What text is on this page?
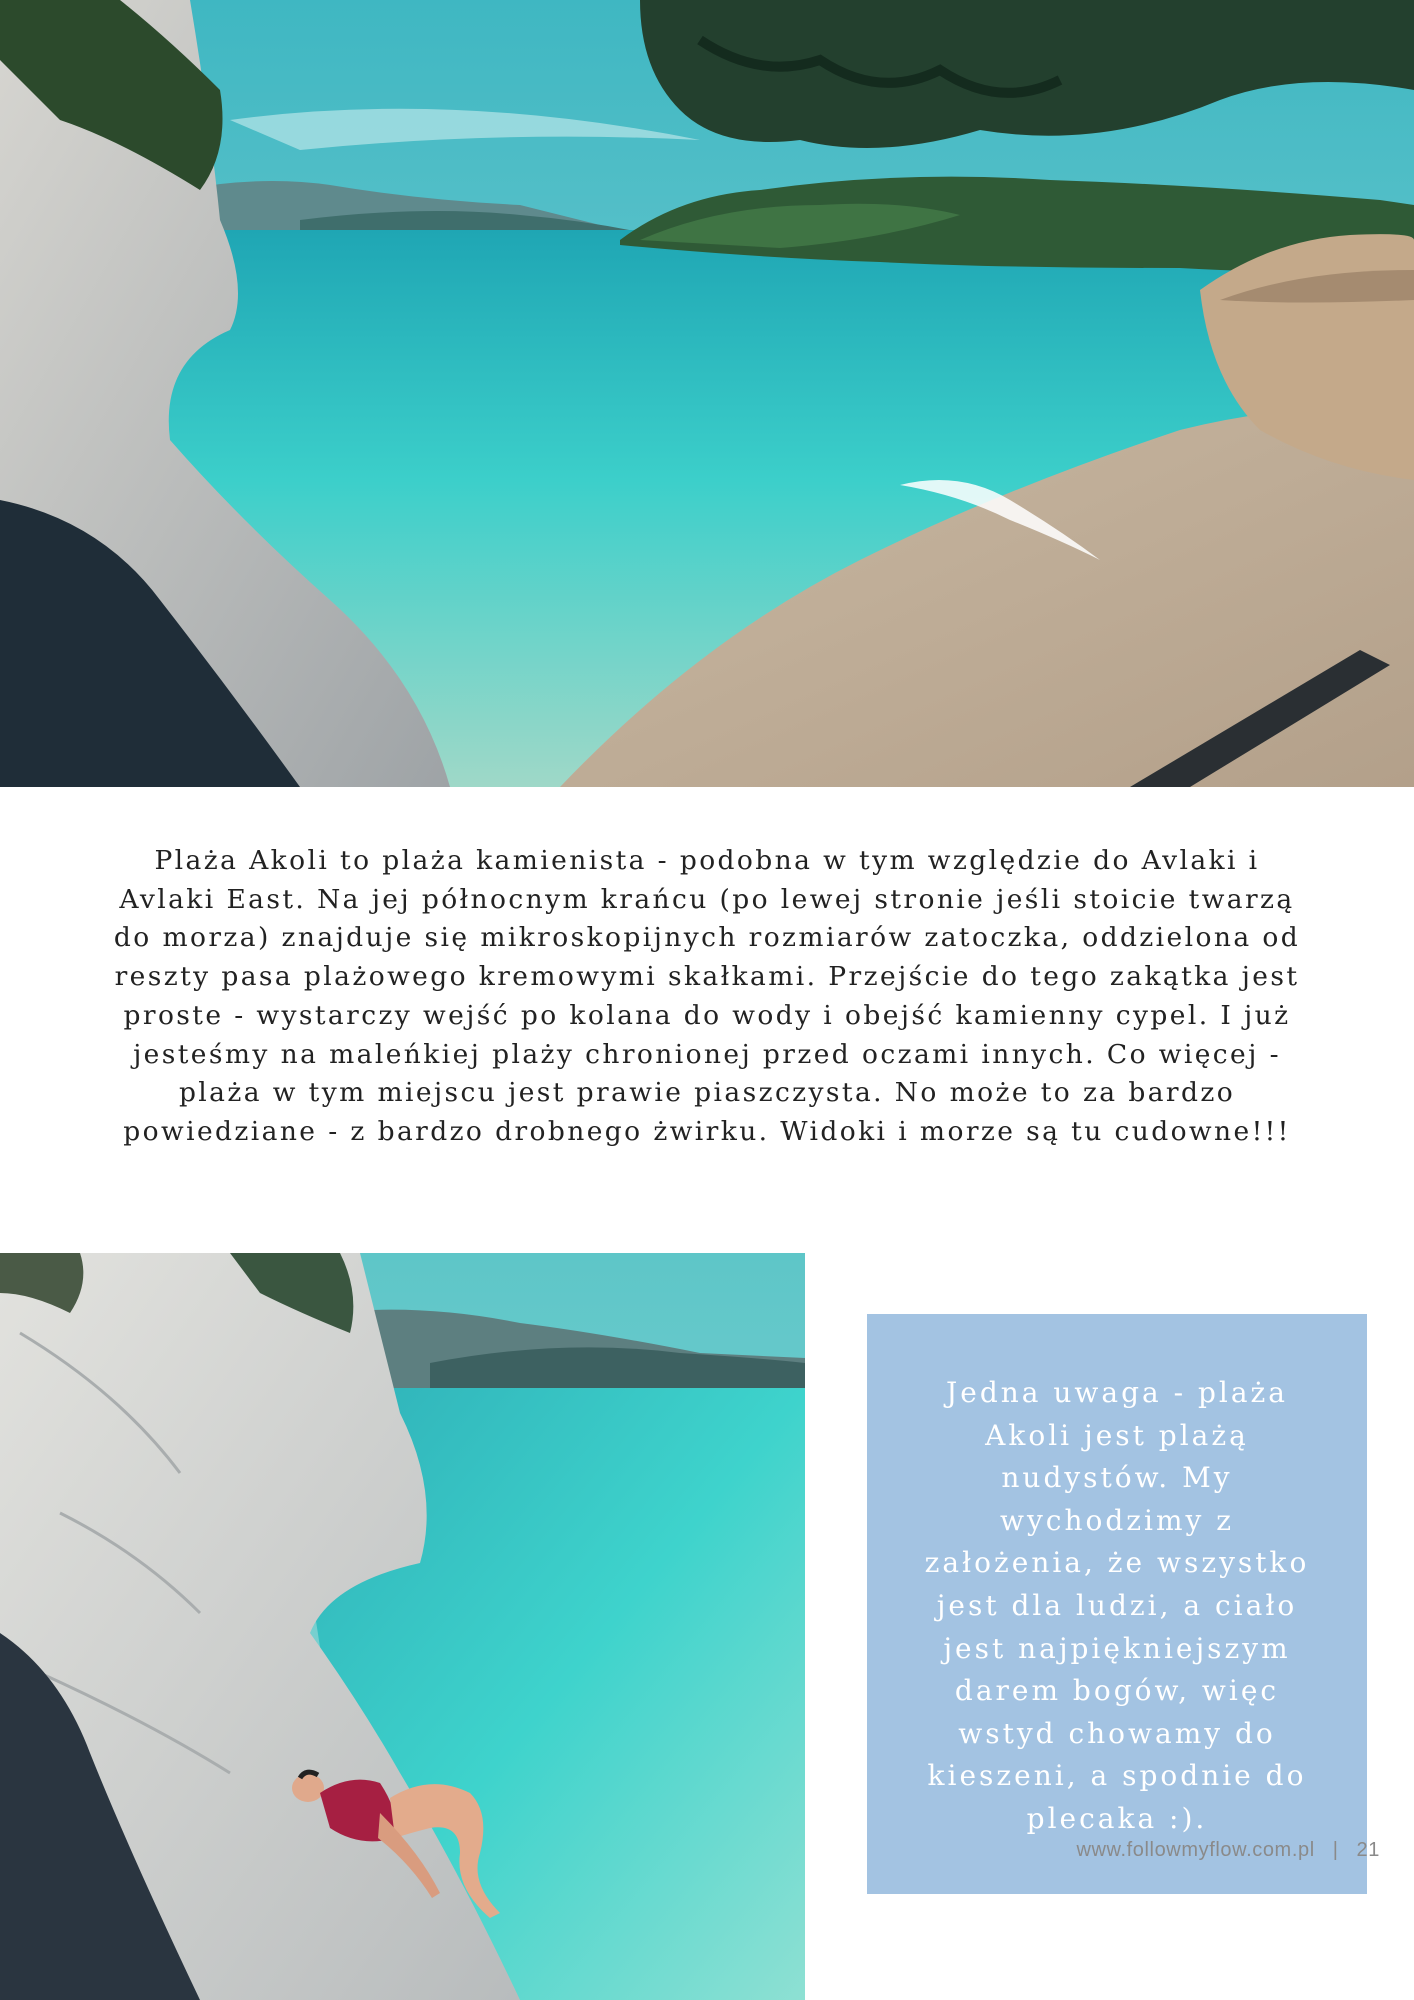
Plaża Akoli to plaża kamienista - podobna w tym względzie do Avlaki i
Avlaki East. Na jej północnym krańcu (po lewej stronie jeśli stoicie twarzą
do morza) znajduje się mikroskopijnych rozmiarów zatoczka, oddzielona od
reszty pasa plażowego kremowymi skałkami. Przejście do tego zakątka jest
proste - wystarczy wejść po kolana do wody i obejść kamienny cypel. I już
jesteśmy na maleńkiej plaży chronionej przed oczami innych. Co więcej -
plaża w tym miejscu jest prawie piaszczysta. No może to za bardzo
powiedziane - z bardzo drobnego żwirku. Widoki i morze są tu cudowne!!!
Jedna uwaga - plaża
Akoli jest plażą
nudystów. My
wychodzimy z
założenia, że wszystko
jest dla ludzi, a ciało
jest najpiękniejszym
darem bogów, więc
wstyd chowamy do
kieszeni, a spodnie do
plecaka :).
www.followmyflow.com.pl | 21
